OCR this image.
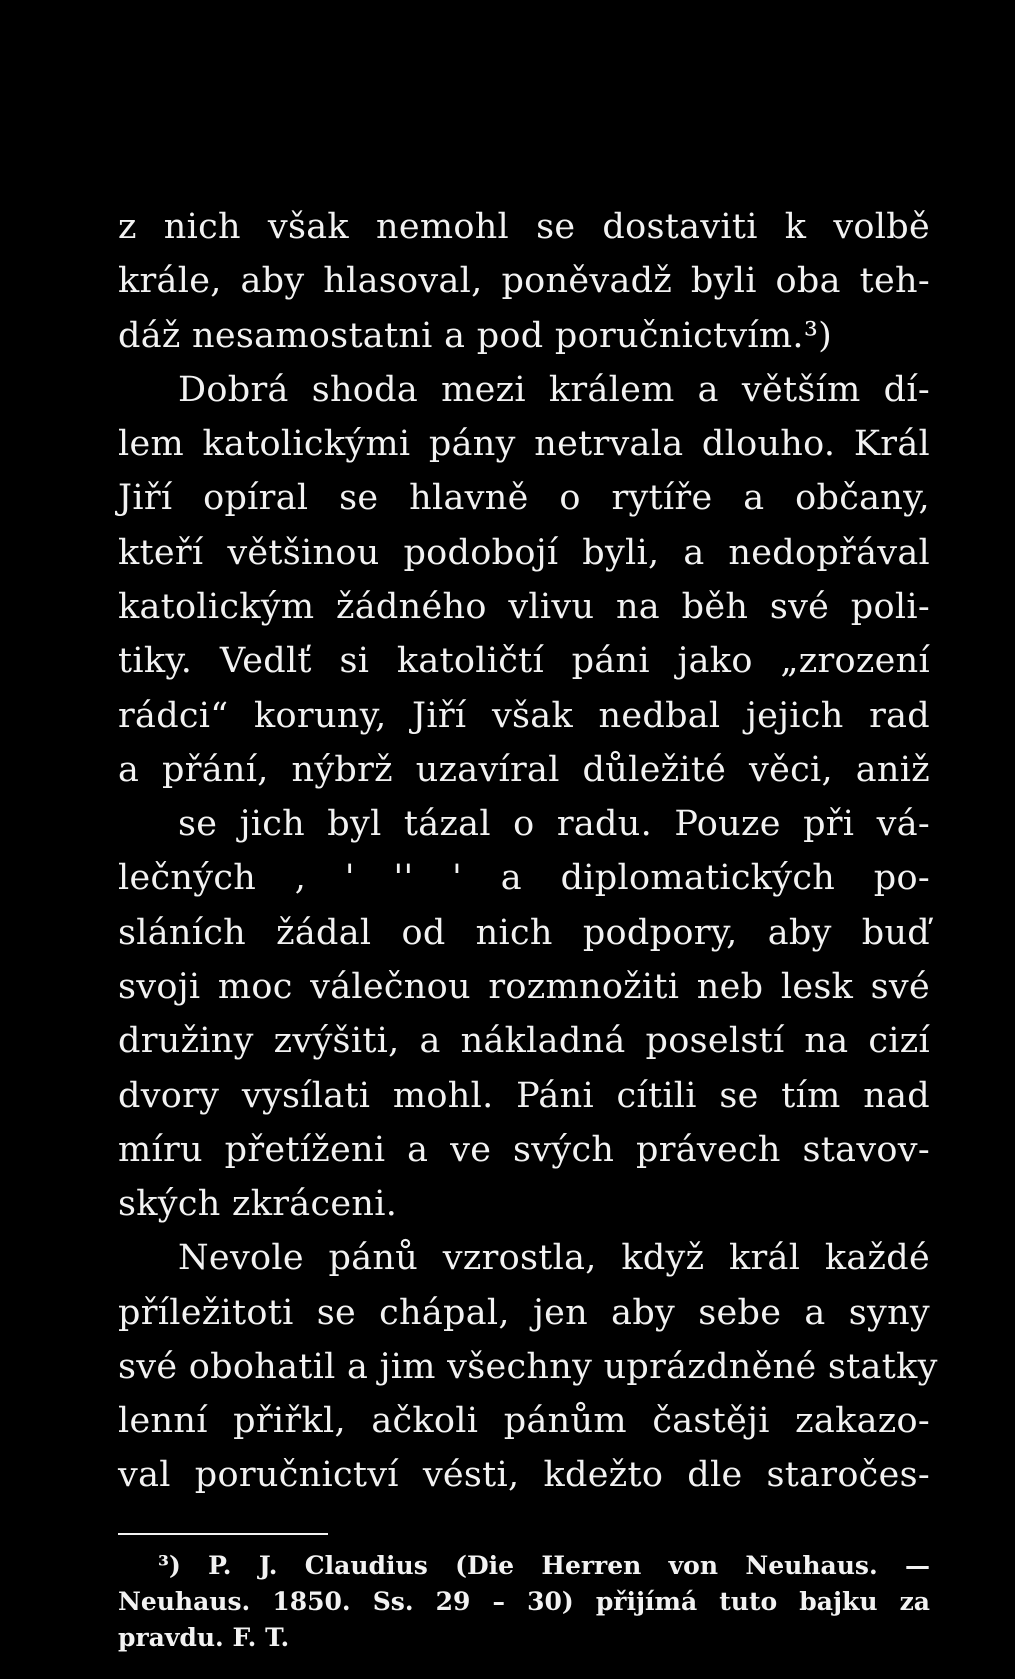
z nich však nemohl se dostaviti k volbě
krále, aby hlasoval, poněvadž byli oba teh-
dáž nesamostatni a pod poručnictvím.³)
Dobrá shoda mezi králem a větším dí-
lem katolickými pány netrvala dlouho. Král
Jiří opíral se hlavně o rytíře a občany,
kteří většinou podobojí byli, a nedopřával
katolickým žádného vlivu na běh své poli-
tiky. Vedlť si katoličtí páni jako „zrození
rádci“ koruny, Jiří však nedbal jejich rad
a přání, nýbrž uzavíral důležité věci, aniž
se jich byl tázal o radu. Pouze při vá-
lečných , ' '' ' a diplomatických po-
sláních žádal od nich podpory, aby buď
svoji moc válečnou rozmnožiti neb lesk své
družiny zvýšiti, a nákladná poselstí na cizí
dvory vysílati mohl. Páni cítili se tím nad
míru přetíženi a ve svých právech stavov-
ských zkráceni.
Nevole pánů vzrostla, když král každé
příležitoti se chápal, jen aby sebe a syny
své obohatil a jim všechny uprázdněné statky
lenní přiřkl, ačkoli pánům častěji zakazo-
val poručnictví vésti, kdežto dle staročes-
³) P. J. Claudius (Die Herren von Neuhaus. —
Neuhaus. 1850. Ss. 29 – 30) přijímá tuto bajku za
pravdu. F. T.
